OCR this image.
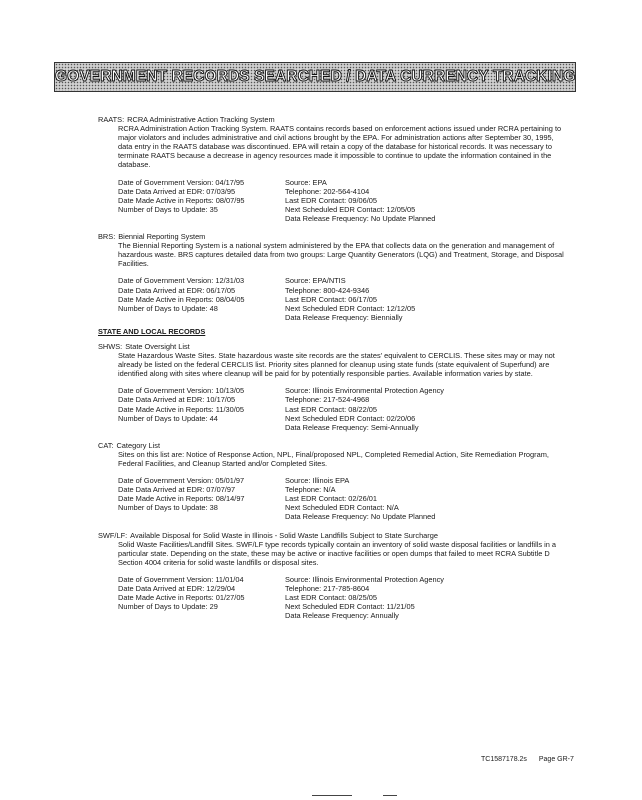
GOVERNMENT RECORDS SEARCHED / DATA CURRENCY TRACKING
RAATS: RCRA Administrative Action Tracking System
RCRA Administration Action Tracking System. RAATS contains records based on enforcement actions issued under RCRA pertaining to major violators and includes administrative and civil actions brought by the EPA. For administration actions after September 30, 1995, data entry in the RAATS database was discontinued. EPA will retain a copy of the database for historical records. It was necessary to terminate RAATS because a decrease in agency resources made it impossible to continue to update the information contained in the database.
Date of Government Version: 04/17/95	Source: EPA
Date Data Arrived at EDR: 07/03/95	Telephone: 202-564-4104
Date Made Active in Reports: 08/07/95	Last EDR Contact: 09/06/05
Number of Days to Update: 35	Next Scheduled EDR Contact: 12/05/05
Data Release Frequency: No Update Planned
BRS: Biennial Reporting System
The Biennial Reporting System is a national system administered by the EPA that collects data on the generation and management of hazardous waste. BRS captures detailed data from two groups: Large Quantity Generators (LQG) and Treatment, Storage, and Disposal Facilities.
Date of Government Version: 12/31/03	Source: EPA/NTIS
Date Data Arrived at EDR: 06/17/05	Telephone: 800-424-9346
Date Made Active in Reports: 08/04/05	Last EDR Contact: 06/17/05
Number of Days to Update: 48	Next Scheduled EDR Contact: 12/12/05
Data Release Frequency: Biennially
STATE AND LOCAL RECORDS
SHWS: State Oversight List
State Hazardous Waste Sites. State hazardous waste site records are the states' equivalent to CERCLIS. These sites may or may not already be listed on the federal CERCLIS list. Priority sites planned for cleanup using state funds (state equivalent of Superfund) are identified along with sites where cleanup will be paid for by potentially responsible parties. Available information varies by state.
Date of Government Version: 10/13/05	Source: Illinois Environmental Protection Agency
Date Data Arrived at EDR: 10/17/05	Telephone: 217-524-4968
Date Made Active in Reports: 11/30/05	Last EDR Contact: 08/22/05
Number of Days to Update: 44	Next Scheduled EDR Contact: 02/20/06
Data Release Frequency: Semi-Annually
CAT: Category List
Sites on this list are: Notice of Response Action, NPL, Final/proposed NPL, Completed Remedial Action, Site Remediation Program, Federal Facilities, and Cleanup Started and/or Completed Sites.
Date of Government Version: 05/01/97	Source: Illinois EPA
Date Data Arrived at EDR: 07/07/97	Telephone: N/A
Date Made Active in Reports: 08/14/97	Last EDR Contact: 02/26/01
Number of Days to Update: 38	Next Scheduled EDR Contact: N/A
Data Release Frequency: No Update Planned
SWF/LF: Available Disposal for Solid Waste in Illinois - Solid Waste Landfills Subject to State Surcharge
Solid Waste Facilities/Landfill Sites. SWF/LF type records typically contain an inventory of solid waste disposal facilities or landfills in a particular state. Depending on the state, these may be active or inactive facilities or open dumps that failed to meet RCRA Subtitle D Section 4004 criteria for solid waste landfills or disposal sites.
Date of Government Version: 11/01/04	Source: Illinois Environmental Protection Agency
Date Data Arrived at EDR: 12/29/04	Telephone: 217-785-8604
Date Made Active in Reports: 01/27/05	Last EDR Contact: 08/25/05
Number of Days to Update: 29	Next Scheduled EDR Contact: 11/21/05
Data Release Frequency: Annually
TC1587178.2s Page GR-7
